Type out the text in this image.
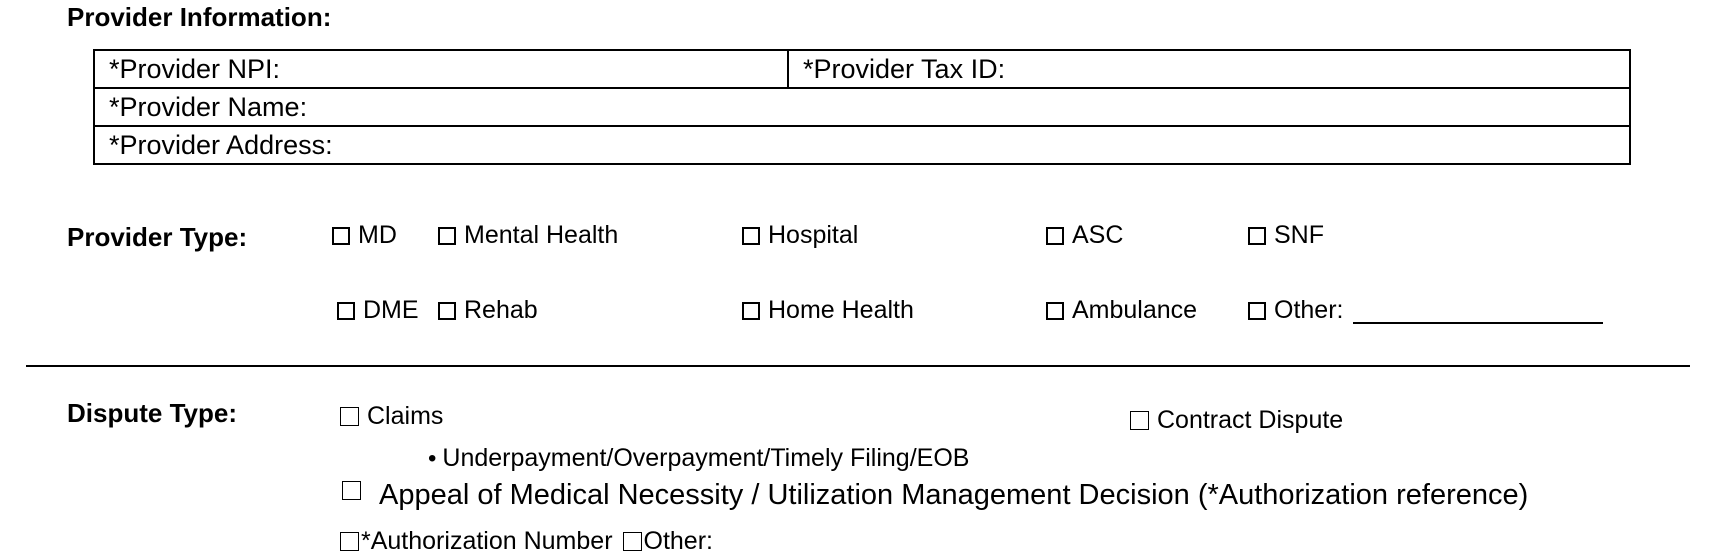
Provider Information:
*Provider NPI:	*Provider Tax ID:
*Provider Name:
*Provider Address:
Provider Type:	MD	Mental Health	Hospital	ASC	SNF
DME Rehab	Home Health	Ambulance	Other:
Dispute Type:	Claims	Contract Dispute
• Underpayment/Overpayment/Timely Filing/EOB
Appeal of Medical Necessity / Utilization Management Decision (*Authorization reference)
*Authorization Number Other:
